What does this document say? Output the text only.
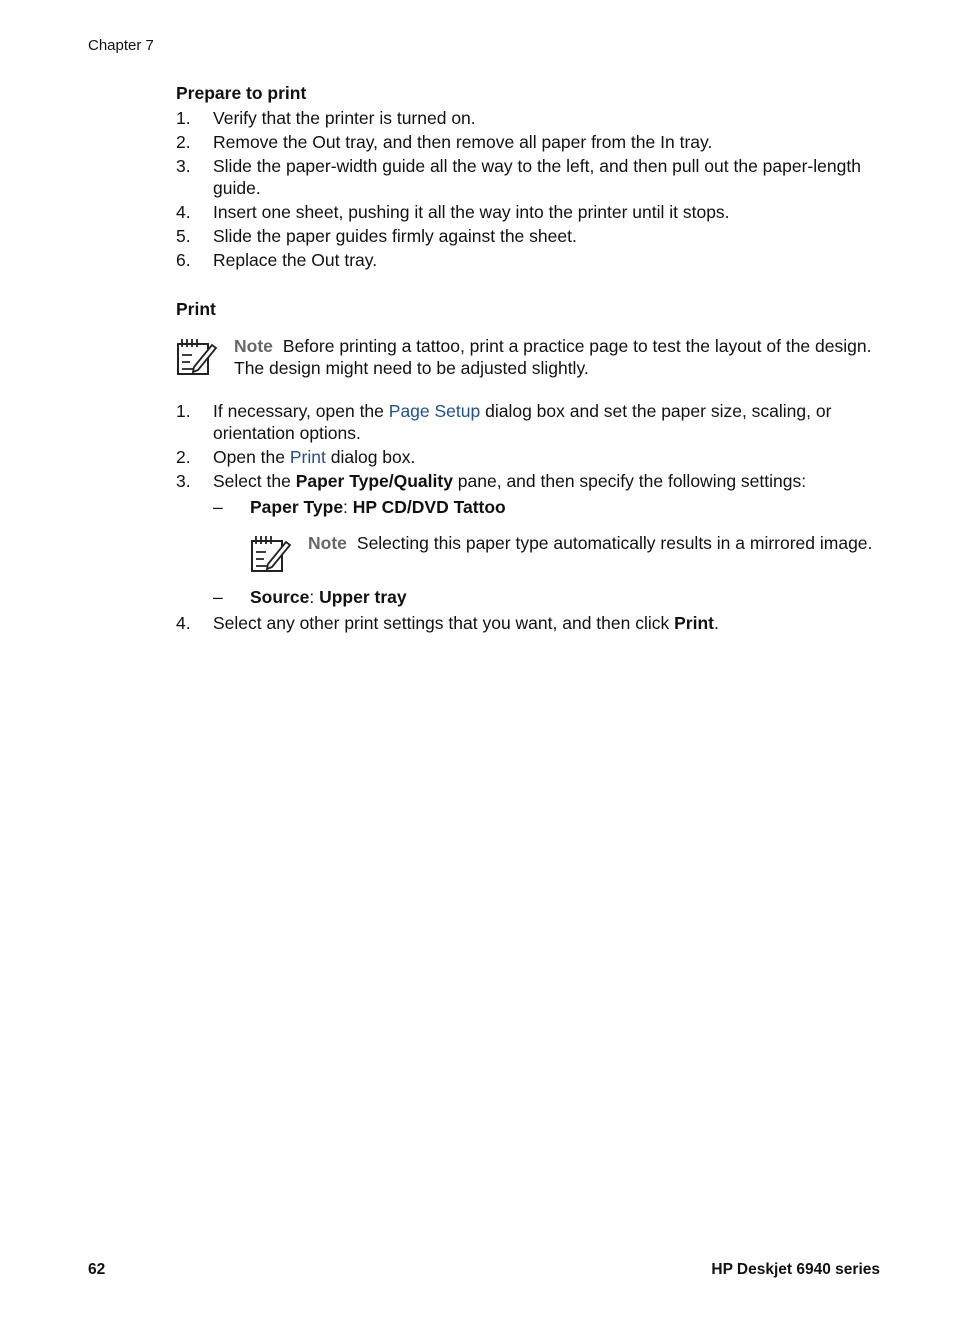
Chapter 7
Prepare to print
1. Verify that the printer is turned on.
2. Remove the Out tray, and then remove all paper from the In tray.
3. Slide the paper-width guide all the way to the left, and then pull out the paper-length guide.
4. Insert one sheet, pushing it all the way into the printer until it stops.
5. Slide the paper guides firmly against the sheet.
6. Replace the Out tray.
Print
Note Before printing a tattoo, print a practice page to test the layout of the design. The design might need to be adjusted slightly.
1. If necessary, open the Page Setup dialog box and set the paper size, scaling, or orientation options.
2. Open the Print dialog box.
3. Select the Paper Type/Quality pane, and then specify the following settings:
– Paper Type: HP CD/DVD Tattoo
Note Selecting this paper type automatically results in a mirrored image.
– Source: Upper tray
4. Select any other print settings that you want, and then click Print.
62	HP Deskjet 6940 series
